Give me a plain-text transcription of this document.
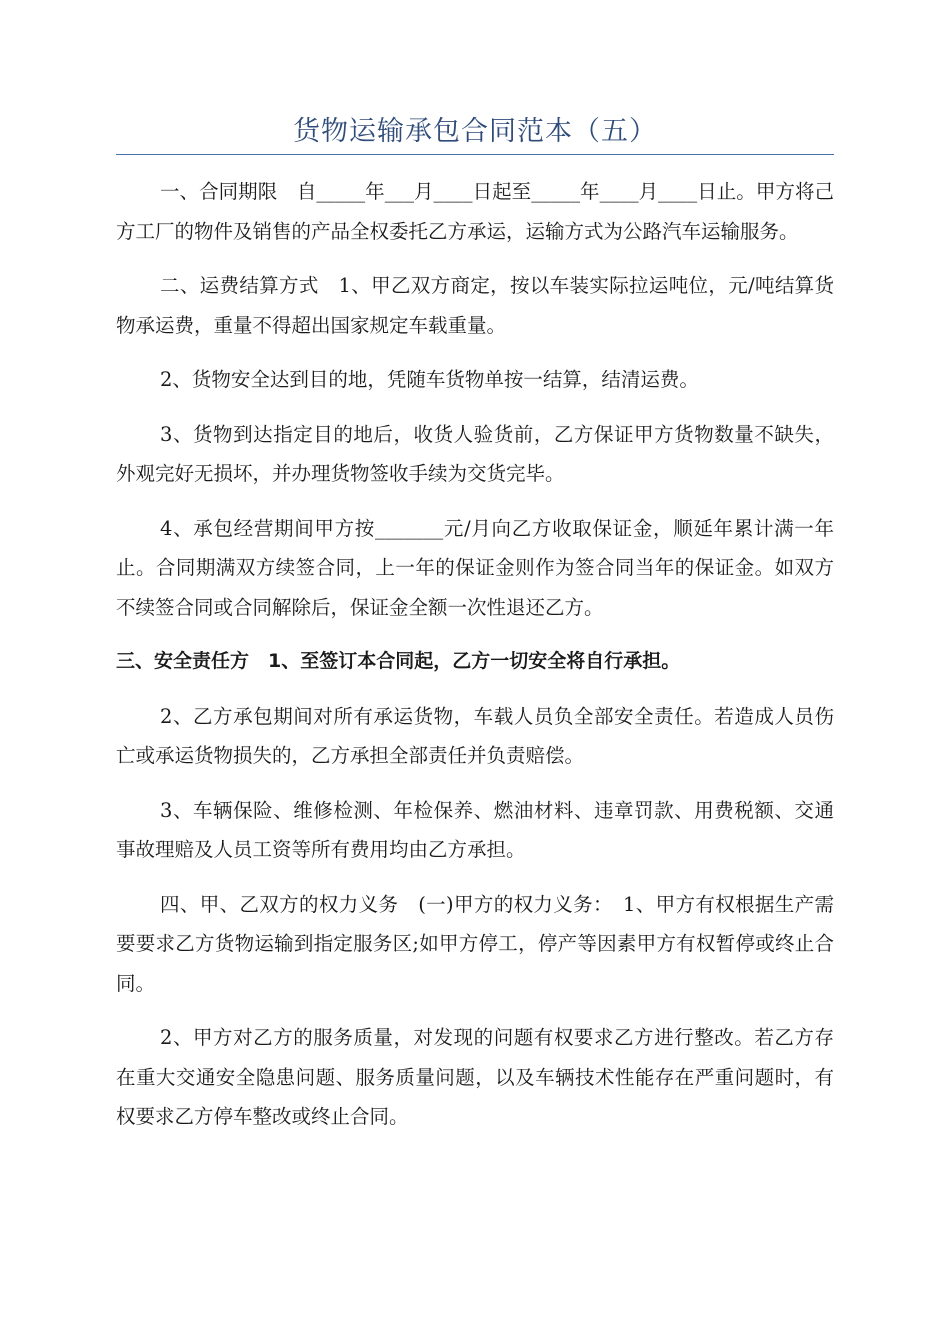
货物运输承包合同范本（五）

一、合同期限　自_____年___月____日起至_____年____月____日止。甲方将己方工厂的物件及销售的产品全权委托乙方承运，运输方式为公路汽车运输服务。

二、运费结算方式　1、甲乙双方商定，按以车装实际拉运吨位，元/吨结算货物承运费，重量不得超出国家规定车载重量。

2、货物安全达到目的地，凭随车货物单按一结算，结清运费。

3、货物到达指定目的地后，收货人验货前，乙方保证甲方货物数量不缺失，外观完好无损坏，并办理货物签收手续为交货完毕。

4、承包经营期间甲方按_______元/月向乙方收取保证金，顺延年累计满一年止。合同期满双方续签合同，上一年的保证金则作为签合同当年的保证金。如双方不续签合同或合同解除后，保证金全额一次性退还乙方。

三、安全责任方　1、至签订本合同起，乙方一切安全将自行承担。

2、乙方承包期间对所有承运货物，车载人员负全部安全责任。若造成人员伤亡或承运货物损失的，乙方承担全部责任并负责赔偿。

3、车辆保险、维修检测、年检保养、燃油材料、违章罚款、用费税额、交通事故理赔及人员工资等所有费用均由乙方承担。

四、甲、乙双方的权力义务　(一)甲方的权力义务：　1、甲方有权根据生产需要要求乙方货物运输到指定服务区;如甲方停工，停产等因素甲方有权暂停或终止合同。

2、甲方对乙方的服务质量，对发现的问题有权要求乙方进行整改。若乙方存在重大交通安全隐患问题、服务质量问题，以及车辆技术性能存在严重问题时，有权要求乙方停车整改或终止合同。
